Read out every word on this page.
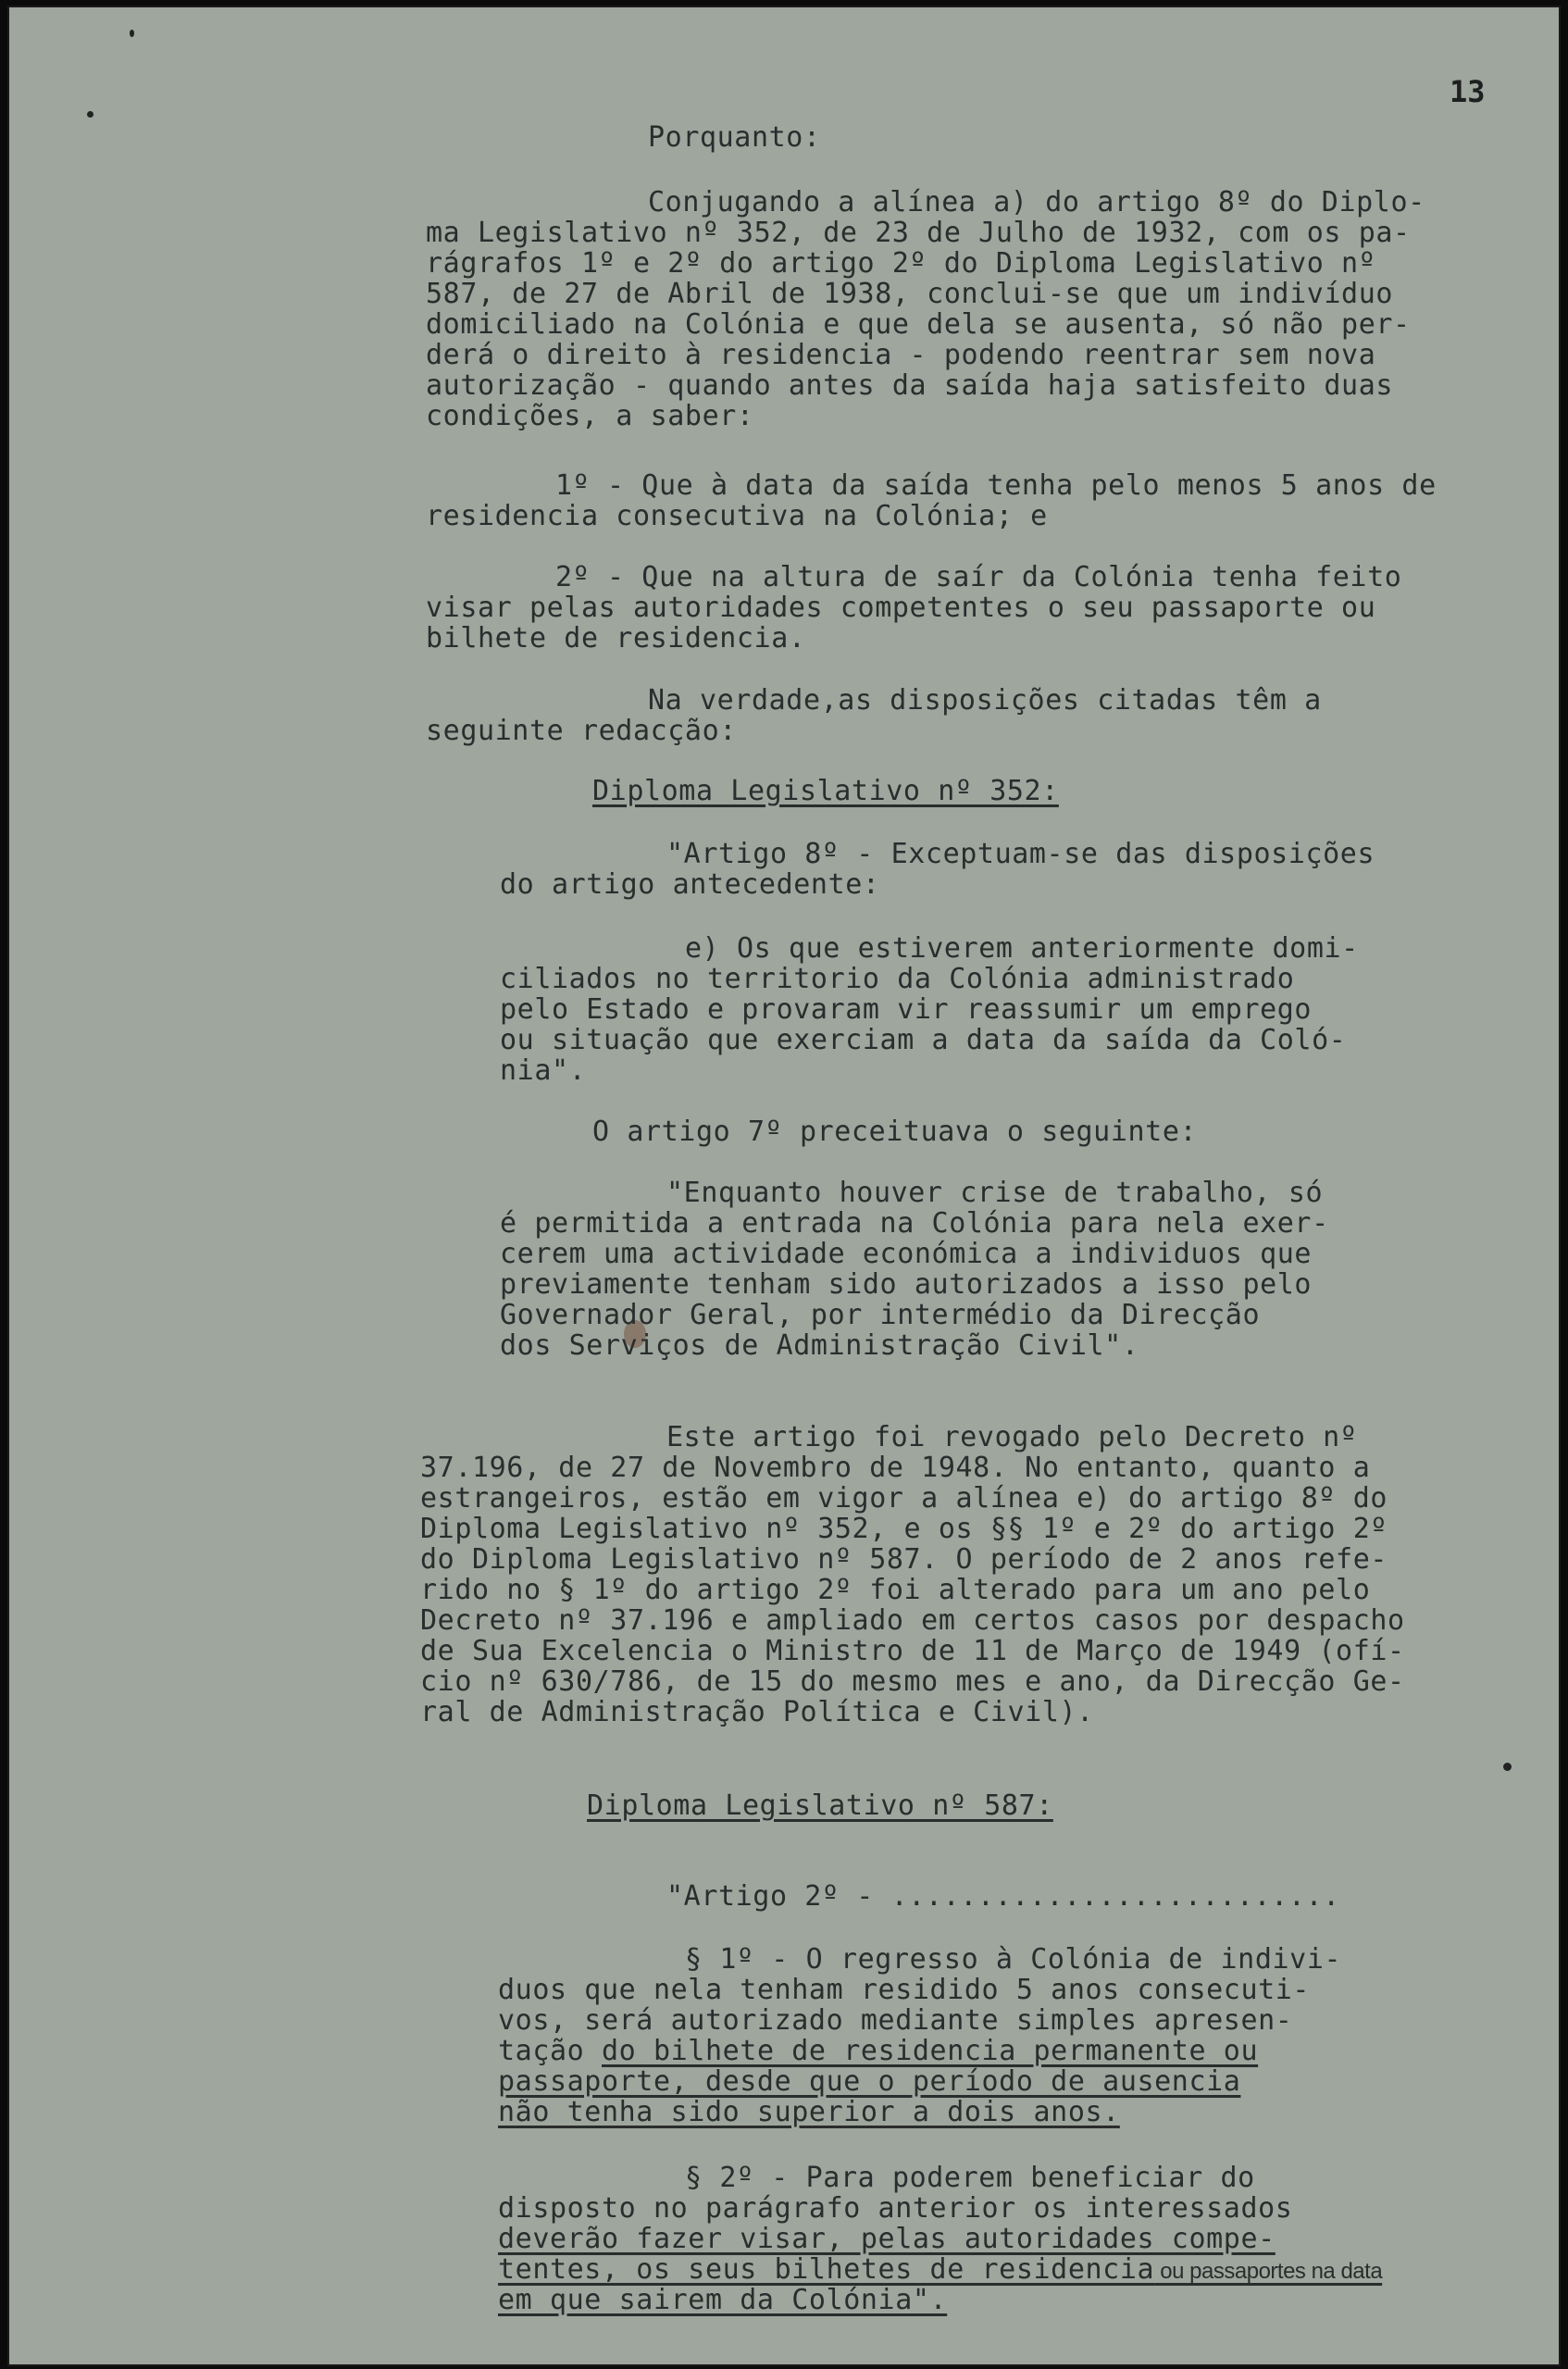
13
Porquanto:
Conjugando a alínea a) do artigo 8º do Diplo-
ma Legislativo nº 352, de 23 de Julho de 1932, com os pa-
rágrafos 1º e 2º do artigo 2º do Diploma Legislativo nº
587, de 27 de Abril de 1938, conclui-se que um indivíduo
domiciliado na Colónia e que dela se ausenta, só não per-
derá o direito à residencia - podendo reentrar sem nova
autorização - quando antes da saída haja satisfeito duas
condições, a saber:
1º - Que à data da saída tenha pelo menos 5 anos de
residencia consecutiva na Colónia; e
2º - Que na altura de saír da Colónia tenha feito
visar pelas autoridades competentes o seu passaporte ou
bilhete de residencia.
Na verdade,as disposições citadas têm a
seguinte redacção:
Diploma Legislativo nº 352:
"Artigo 8º - Exceptuam-se das disposições
do artigo antecedente:
e) Os que estiverem anteriormente domi-
ciliados no territorio da Colónia administrado
pelo Estado e provaram vir reassumir um emprego
ou situação que exerciam a data da saída da Coló-
nia".
O artigo 7º preceituava o seguinte:
"Enquanto houver crise de trabalho, só
é permitida a entrada na Colónia para nela exer-
cerem uma actividade económica a individuos que
previamente tenham sido autorizados a isso pelo
Governador Geral, por intermédio da Direcção
dos Serviços de Administração Civil".
Este artigo foi revogado pelo Decreto nº
37.196, de 27 de Novembro de 1948. No entanto, quanto a
estrangeiros, estão em vigor a alínea e) do artigo 8º do
Diploma Legislativo nº 352, e os §§ 1º e 2º do artigo 2º
do Diploma Legislativo nº 587. O período de 2 anos refe-
rido no § 1º do artigo 2º foi alterado para um ano pelo
Decreto nº 37.196 e ampliado em certos casos por despacho
de Sua Excelencia o Ministro de 11 de Março de 1949 (ofí-
cio nº 630/786, de 15 do mesmo mes e ano, da Direcção Ge-
ral de Administração Política e Civil).
Diploma Legislativo nº 587:
"Artigo 2º - ..........................
§ 1º - O regresso à Colónia de indivi-
duos que nela tenham residido 5 anos consecuti-
vos, será autorizado mediante simples apresen-
tação do bilhete de residencia permanente ou
passaporte, desde que o período de ausencia
não tenha sido superior a dois anos.
§ 2º - Para poderem beneficiar do
disposto no parágrafo anterior os interessados
deverão fazer visar, pelas autoridades compe-
tentes, os seus bilhetes de residencia ou passaportes na data
em que sairem da Colónia".
